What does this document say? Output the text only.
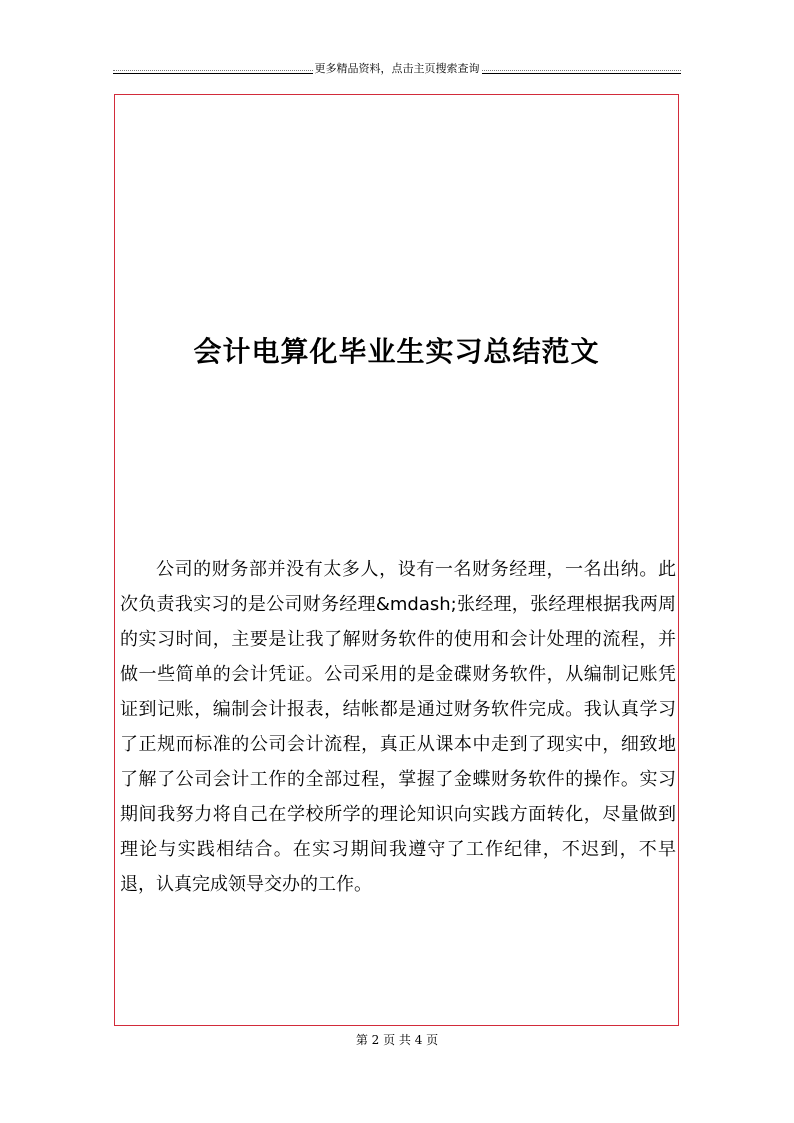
更多精品资料，点击主页搜索查询
会计电算化毕业生实习总结范文
公司的财务部并没有太多人，设有一名财务经理，一名出纳。此次负责我实习的是公司财务经理&mdash;张经理，张经理根据我两周的实习时间，主要是让我了解财务软件的使用和会计处理的流程，并做一些简单的会计凭证。公司采用的是金碟财务软件，从编制记账凭证到记账，编制会计报表，结帐都是通过财务软件完成。我认真学习了正规而标准的公司会计流程，真正从课本中走到了现实中，细致地了解了公司会计工作的全部过程，掌握了金蝶财务软件的操作。实习期间我努力将自己在学校所学的理论知识向实践方面转化，尽量做到理论与实践相结合。在实习期间我遵守了工作纪律，不迟到，不早退，认真完成领导交办的工作。
第 2 页 共 4 页
